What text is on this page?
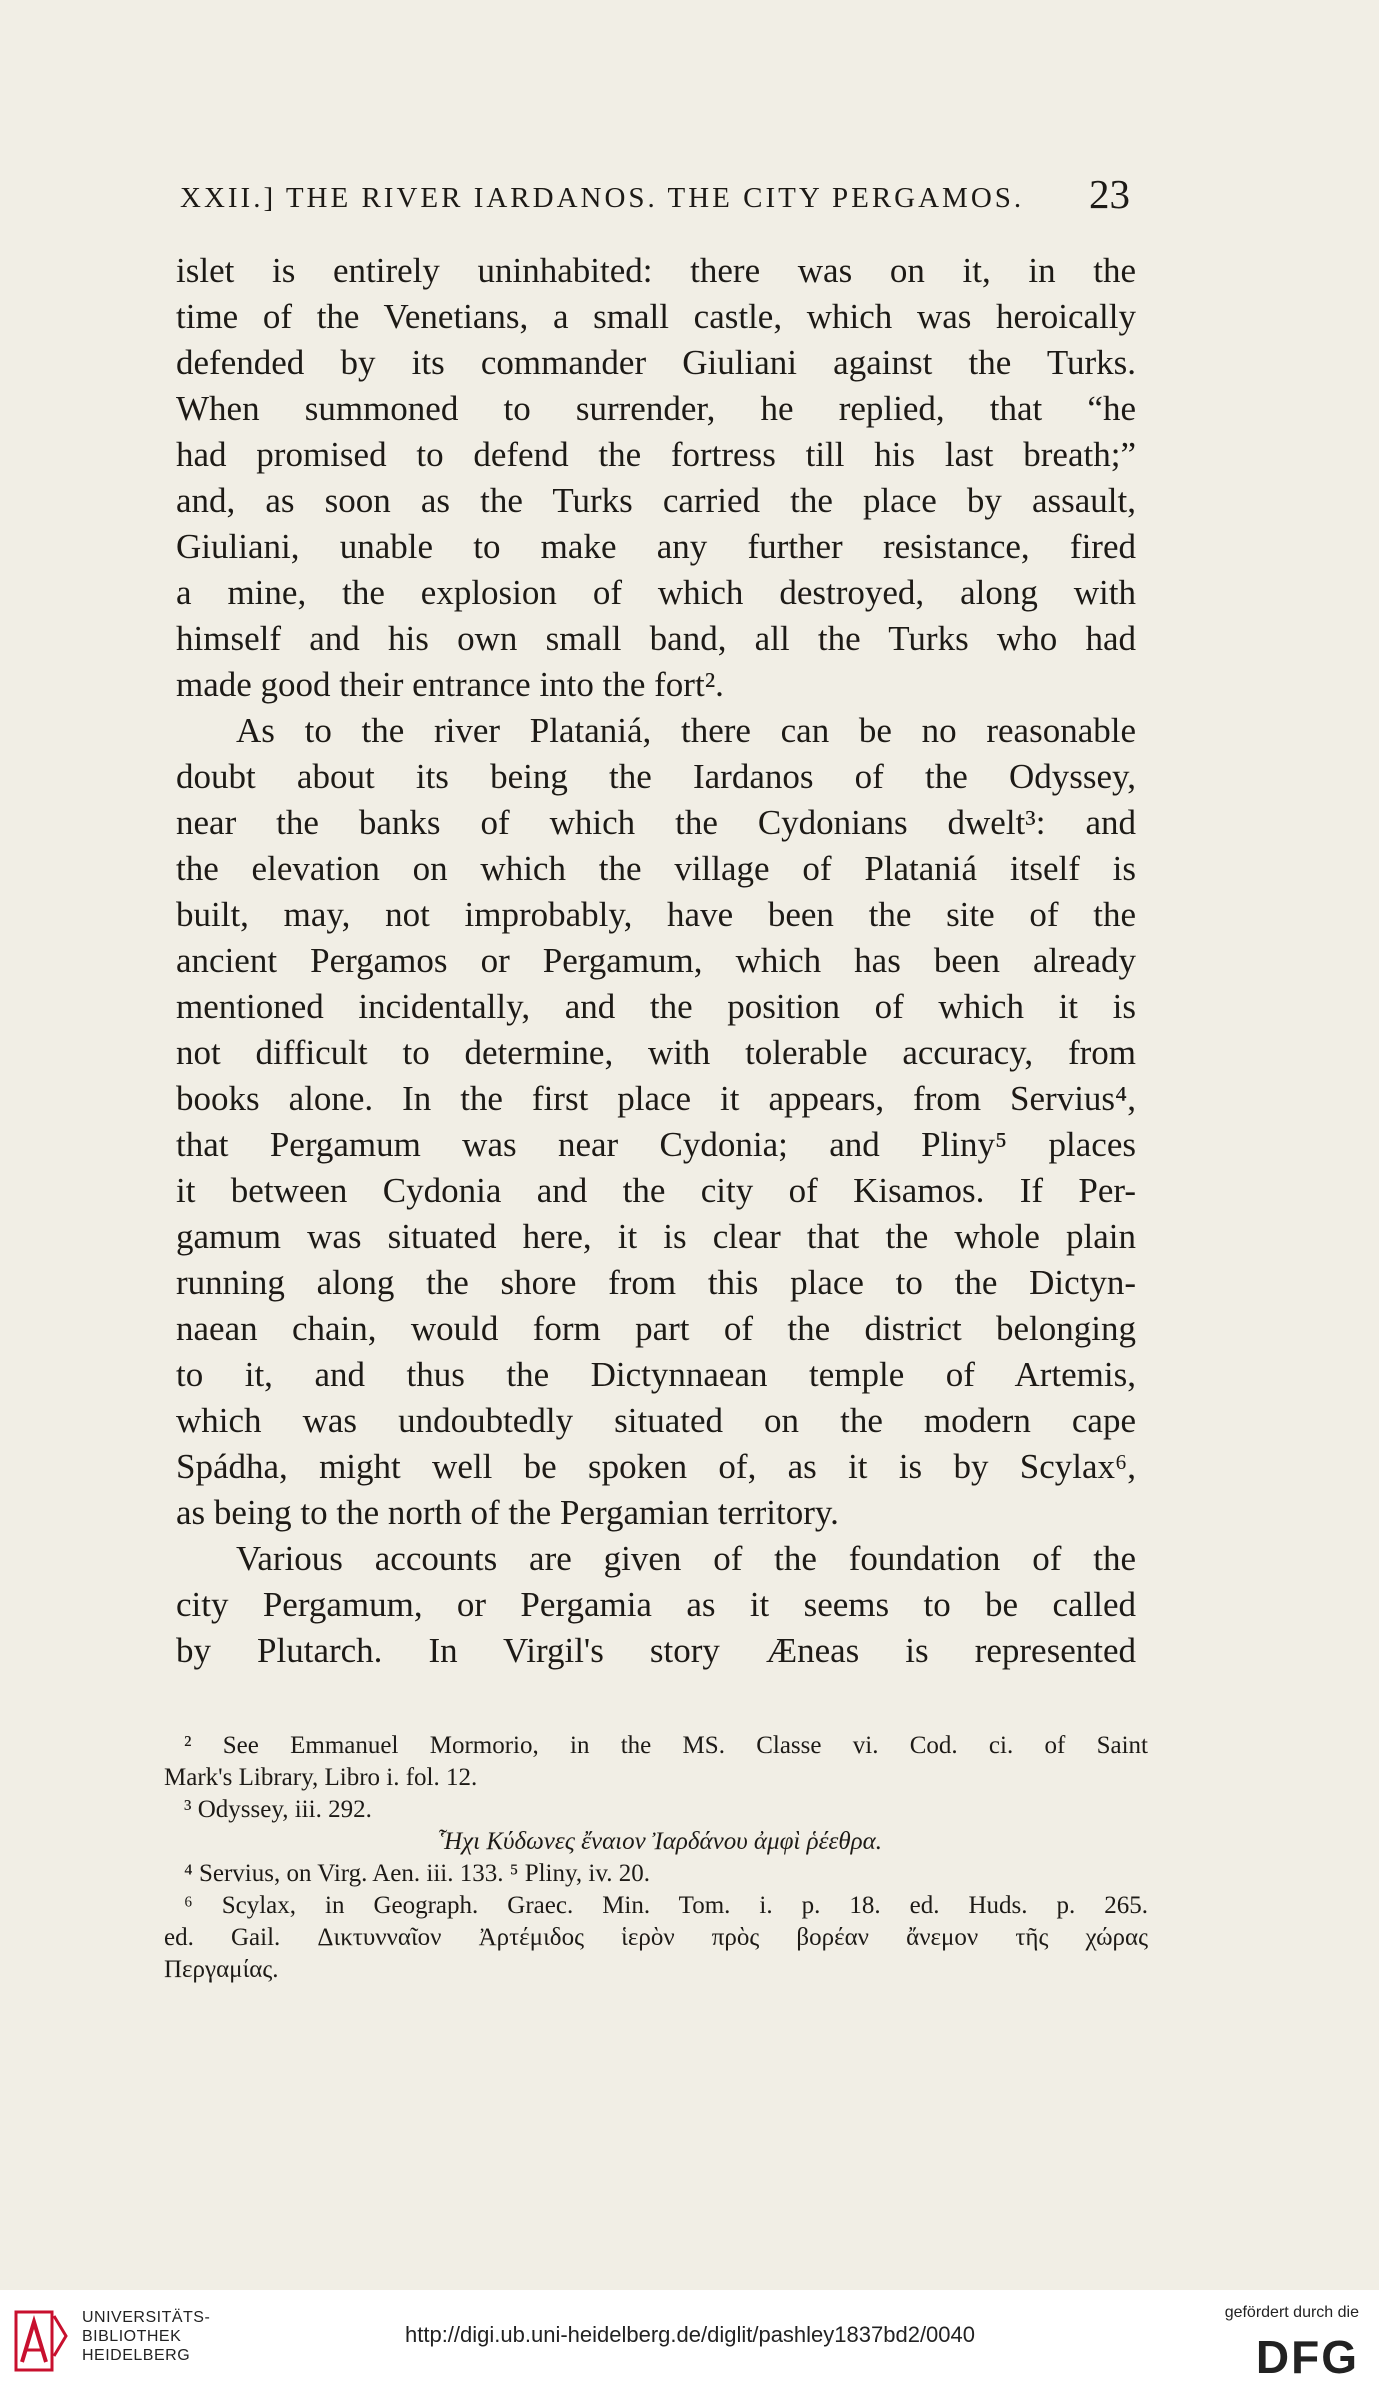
XXII.] THE RIVER IARDANOS. THE CITY PERGAMOS. 23
islet is entirely uninhabited: there was on it, in the
time of the Venetians, a small castle, which was heroically
defended by its commander Giuliani against the Turks.
When summoned to surrender, he replied, that “he
had promised to defend the fortress till his last breath;”
and, as soon as the Turks carried the place by assault,
Giuliani, unable to make any further resistance, fired
a mine, the explosion of which destroyed, along with
himself and his own small band, all the Turks who had
made good their entrance into the fort².
As to the river Plataniá, there can be no reasonable
doubt about its being the Iardanos of the Odyssey,
near the banks of which the Cydonians dwelt³: and
the elevation on which the village of Plataniá itself is
built, may, not improbably, have been the site of the
ancient Pergamos or Pergamum, which has been already
mentioned incidentally, and the position of which it is
not difficult to determine, with tolerable accuracy, from
books alone. In the first place it appears, from Servius⁴,
that Pergamum was near Cydonia; and Pliny⁵ places
it between Cydonia and the city of Kisamos. If Per-
gamum was situated here, it is clear that the whole plain
running along the shore from this place to the Dictyn-
naean chain, would form part of the district belonging
to it, and thus the Dictynnaean temple of Artemis,
which was undoubtedly situated on the modern cape
Spádha, might well be spoken of, as it is by Scylax⁶,
as being to the north of the Pergamian territory.
Various accounts are given of the foundation of the
city Pergamum, or Pergamia as it seems to be called
by Plutarch. In Virgil's story Æneas is represented
² See Emmanuel Mormorio, in the MS. Classe vi. Cod. ci. of Saint
Mark's Library, Libro i. fol. 12.
³ Odyssey, iii. 292.
Ἧχι Κύδωνες ἔναιον Ἰαρδάνου ἀμφὶ ῥέεθρα.
⁴ Servius, on Virg. Aen. iii. 133. ⁵ Pliny, iv. 20.
⁶ Scylax, in Geograph. Graec. Min. Tom. i. p. 18. ed. Huds. p. 265.
ed. Gail. Δικτυνναῖον Ἀρτέμιδος ἱερὸν πρὸς βορέαν ἄνεμον τῆς χώρας
Περγαμίας.
UNIVERSITÄTS-
BIBLIOTHEK
HEIDELBERG
http://digi.ub.uni-heidelberg.de/diglit/pashley1837bd2/0040
gefördert durch die
DFG
